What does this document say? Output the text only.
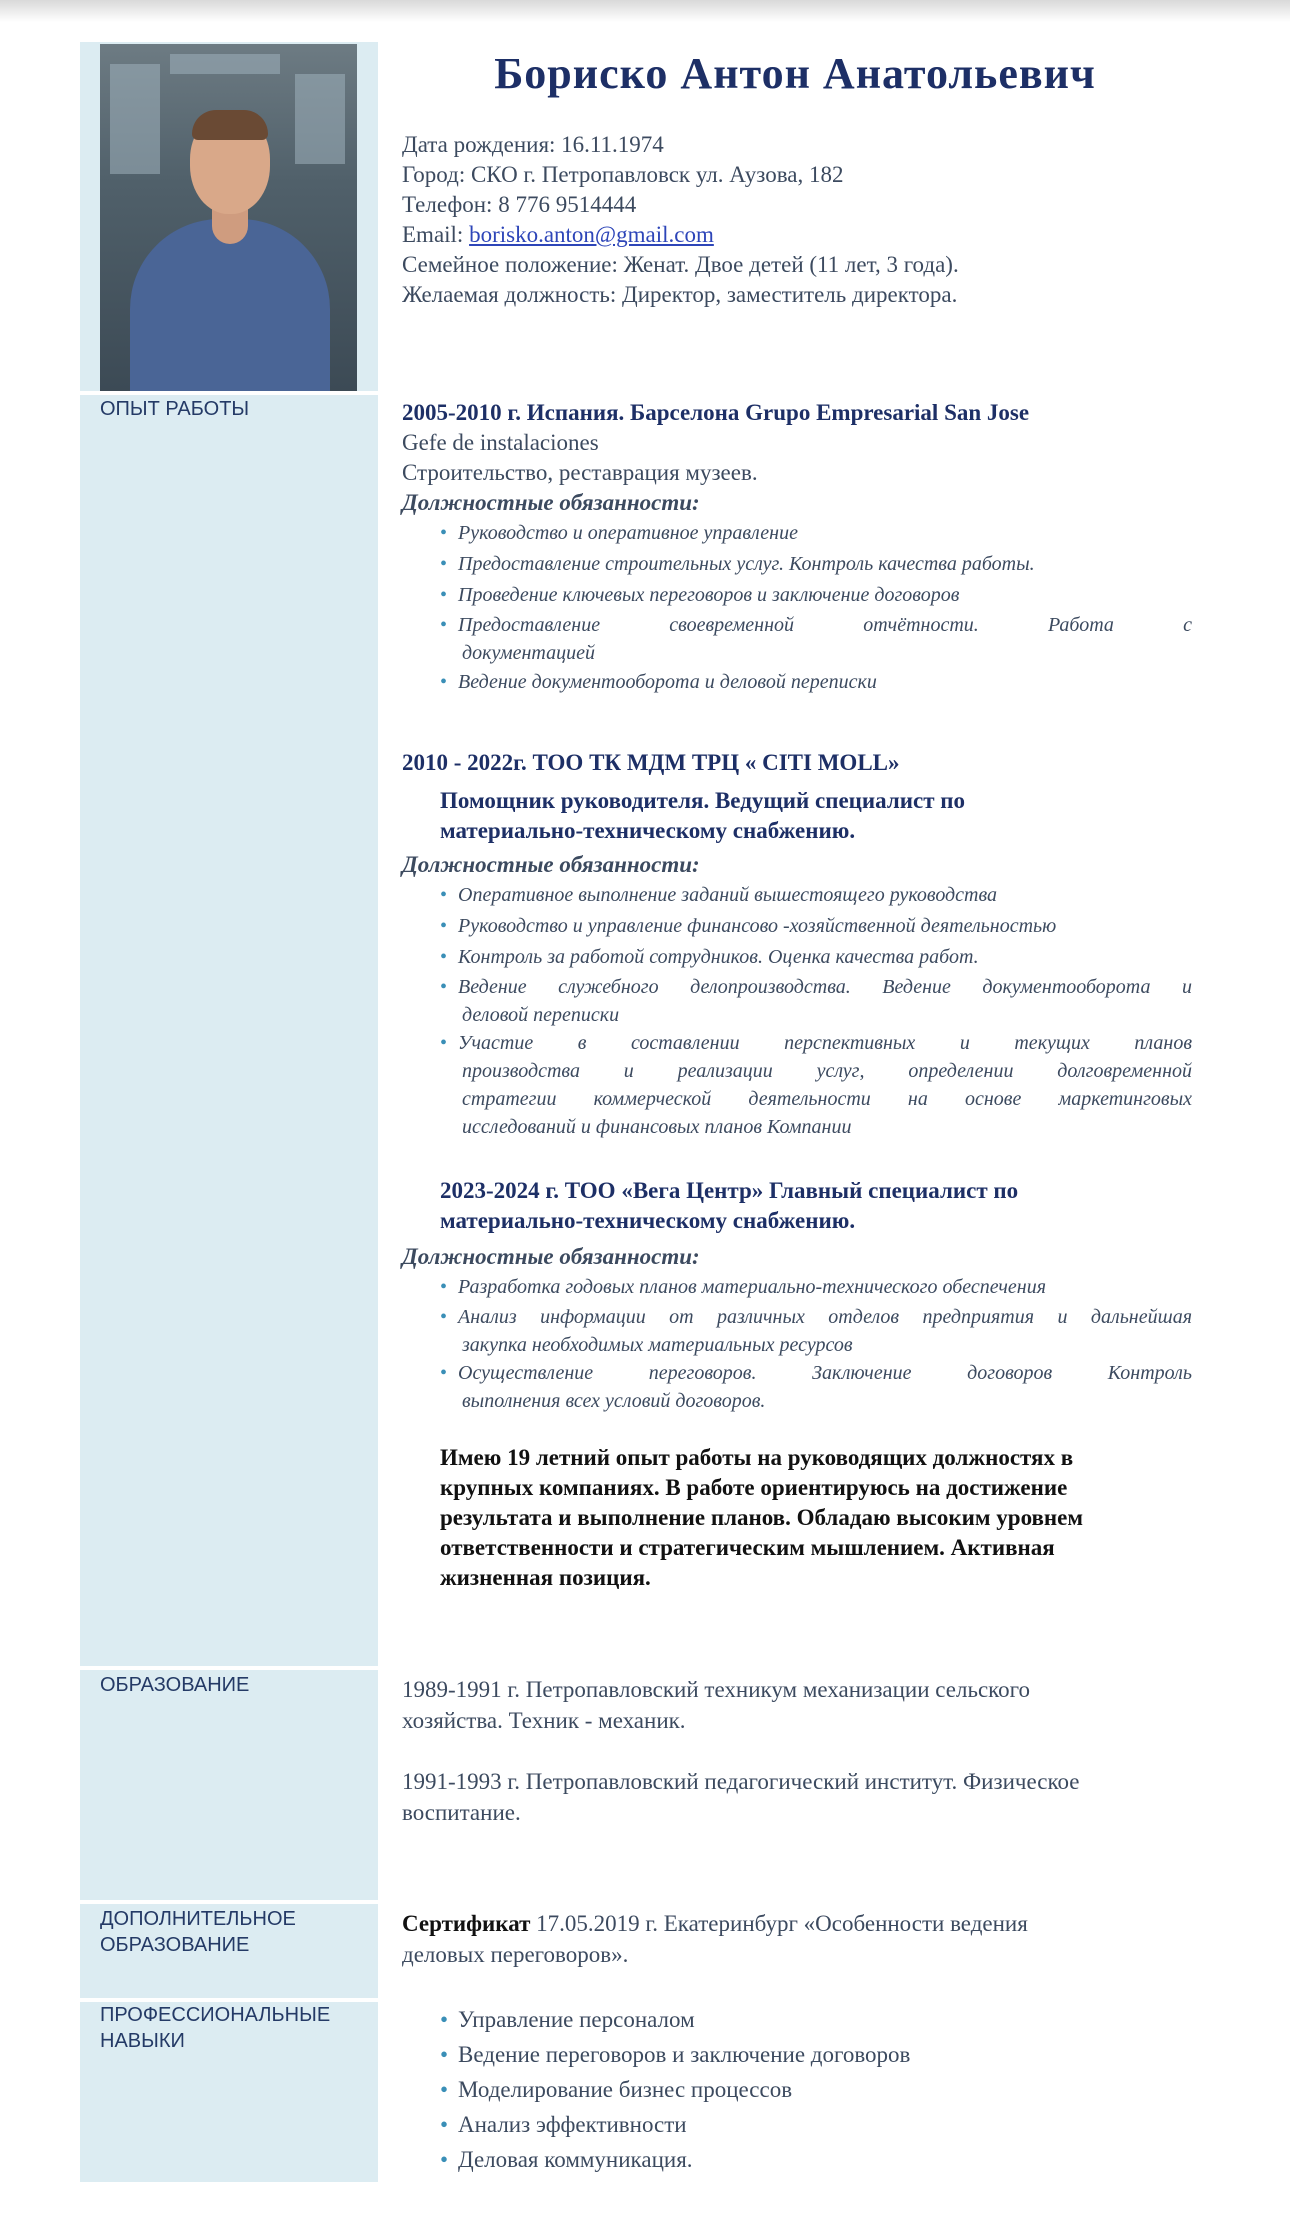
Бориско Антон Анатольевич
Дата рождения: 16.11.1974
Город: СКО г. Петропавловск ул. Аузова, 182
Телефон: 8 776 9514444
Email: borisko.anton@gmail.com
Семейное положение: Женат. Двое детей (11 лет, 3 года).
Желаемая должность: Директор, заместитель директора.
ОПЫТ РАБОТЫ	2005-2010 г. Испания. Барселона Grupo Empresarial San Jose
Gefe de instalaciones
Строительство, реставрация музеев.
Должностные обязанности:
• Руководство и оперативное управление
• Предоставление строительных услуг. Контроль качества работы.
• Проведение ключевых переговоров и заключение договоров
• Предоставление своевременной отчётности. Работа с
документацией
• Ведение документооборота и деловой переписки
2010 - 2022г. ТОО ТК МДМ ТРЦ « CITI MOLL»
Помощник руководителя. Ведущий специалист по
материально-техническому снабжению.
Должностные обязанности:
• Оперативное выполнение заданий вышестоящего руководства
• Руководство и управление финансово -хозяйственной деятельностью
• Контроль за работой сотрудников. Оценка качества работ.
• Ведение служебного делопроизводства. Ведение документооборота и
деловой переписки
• Участие в составлении перспективных и текущих планов
производства и реализации услуг, определении долговременной
стратегии коммерческой деятельности на основе маркетинговых
исследований и финансовых планов Компании
2023-2024 г. ТОО «Вега Центр» Главный специалист по
материально-техническому снабжению.
Должностные обязанности:
• Разработка годовых планов материально-технического обеспечения
• Анализ информации от различных отделов предприятия и дальнейшая
закупка необходимых материальных ресурсов
• Осуществление переговоров. Заключение договоров Контроль
выполнения всех условий договоров.
Имею 19 летний опыт работы на руководящих должностях в
крупных компаниях. В работе ориентируюсь на достижение
результата и выполнение планов. Обладаю высоким уровнем
ответственности и стратегическим мышлением. Активная
жизненная позиция.
ОБРАЗОВАНИЕ	1989-1991 г. Петропавловский техникум механизации сельского
хозяйства. Техник - механик.
1991-1993 г. Петропавловский педагогический институт. Физическое
воспитание.
ДОПОЛНИТЕЛЬНОЕ
ОБРАЗОВАНИЕ
Сертификат 17.05.2019 г. Екатеринбург «Особенности ведения
деловых переговоров».
ПРОФЕССИОНАЛЬНЫЕ
НАВЫКИ
• Управление персоналом
• Ведение переговоров и заключение договоров
• Моделирование бизнес процессов
• Анализ эффективности
• Деловая коммуникация.
